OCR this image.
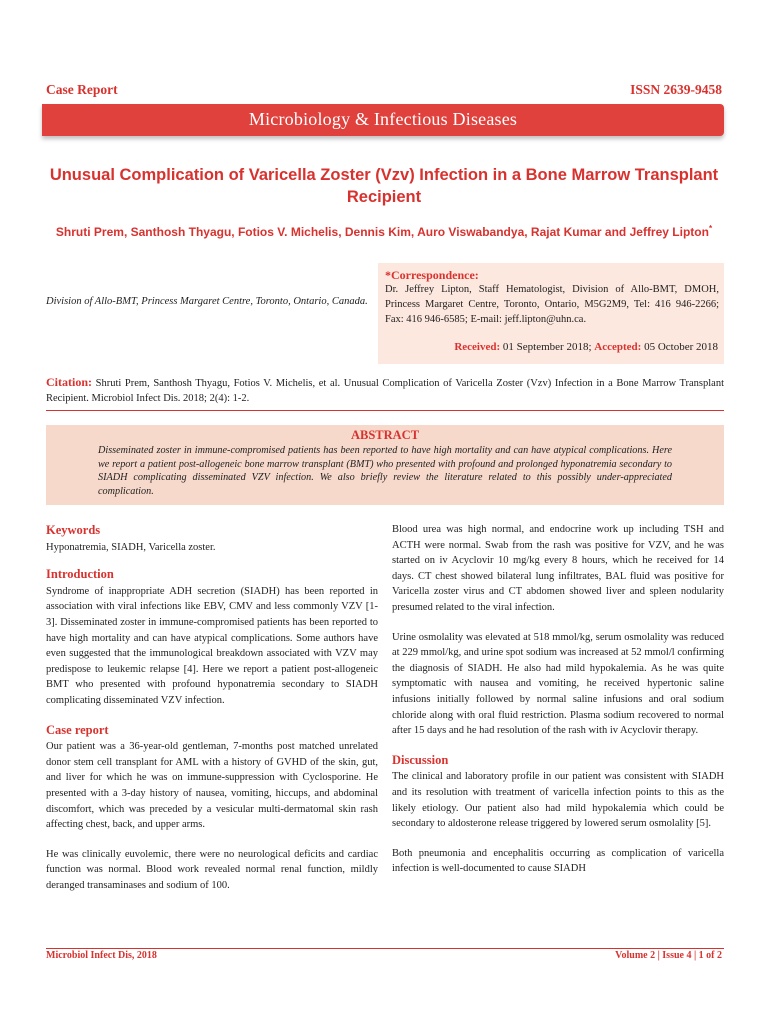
Case Report	ISSN 2639-9458
Microbiology & Infectious Diseases
Unusual Complication of Varicella Zoster (Vzv) Infection in a Bone Marrow Transplant Recipient
Shruti Prem, Santhosh Thyagu, Fotios V. Michelis, Dennis Kim, Auro Viswabandya, Rajat Kumar and Jeffrey Lipton*
Division of Allo-BMT, Princess Margaret Centre, Toronto, Ontario, Canada.
*Correspondence:
Dr. Jeffrey Lipton, Staff Hematologist, Division of Allo-BMT, DMOH, Princess Margaret Centre, Toronto, Ontario, M5G2M9, Tel: 416 946-2266; Fax: 416 946-6585; E-mail: jeff.lipton@uhn.ca.
Received: 01 September 2018; Accepted: 05 October 2018
Citation: Shruti Prem, Santhosh Thyagu, Fotios V. Michelis, et al. Unusual Complication of Varicella Zoster (Vzv) Infection in a Bone Marrow Transplant Recipient. Microbiol Infect Dis. 2018; 2(4): 1-2.
ABSTRACT
Disseminated zoster in immune-compromised patients has been reported to have high mortality and can have atypical complications. Here we report a patient post-allogeneic bone marrow transplant (BMT) who presented with profound and prolonged hyponatremia secondary to SIADH complicating disseminated VZV infection. We also briefly review the literature related to this possibly under-appreciated complication.
Keywords
Hyponatremia, SIADH, Varicella zoster.
Introduction

Syndrome of inappropriate ADH secretion (SIADH) has been reported in association with viral infections like EBV, CMV and less commonly VZV [1-3]. Disseminated zoster in immune-compromised patients has been reported to have high mortality and can have atypical complications. Some authors have even suggested that the immunological breakdown associated with VZV may predispose to leukemic relapse [4]. Here we report a patient post-allogeneic BMT who presented with profound hyponatremia secondary to SIADH complicating disseminated VZV infection.

Case report

Our patient was a 36-year-old gentleman, 7-months post matched unrelated donor stem cell transplant for AML with a history of GVHD of the skin, gut, and liver for which he was on immune-suppression with Cyclosporine. He presented with a 3-day history of nausea, vomiting, hiccups, and abdominal discomfort, which was preceded by a vesicular multi-dermatomal skin rash affecting chest, back, and upper arms.

He was clinically euvolemic, there were no neurological deficits and cardiac function was normal. Blood work revealed normal renal function, mildly deranged transaminases and sodium of 100.

Blood urea was high normal, and endocrine work up including TSH and ACTH were normal. Swab from the rash was positive for VZV, and he was started on iv Acyclovir 10 mg/kg every 8 hours, which he received for 14 days. CT chest showed bilateral lung infiltrates, BAL fluid was positive for Varicella zoster virus and CT abdomen showed liver and spleen nodularity presumed related to the viral infection.

Urine osmolality was elevated at 518 mmol/kg, serum osmolality was reduced at 229 mmol/kg, and urine spot sodium was increased at 52 mmol/l confirming the diagnosis of SIADH. He also had mild hypokalemia. As he was quite symptomatic with nausea and vomiting, he received hypertonic saline infusions initially followed by normal saline infusions and oral sodium chloride along with oral fluid restriction. Plasma sodium recovered to normal after 15 days and he had resolution of the rash with iv Acyclovir therapy.

Discussion

The clinical and laboratory profile in our patient was consistent with SIADH and its resolution with treatment of varicella infection points to this as the likely etiology. Our patient also had mild hypokalemia which could be secondary to aldosterone release triggered by lowered serum osmolality [5].

Both pneumonia and encephalitis occurring as complication of varicella infection is well-documented to cause SIADH

Microbiol Infect Dis, 2018	Volume 2 | Issue 4 | 1 of 2
